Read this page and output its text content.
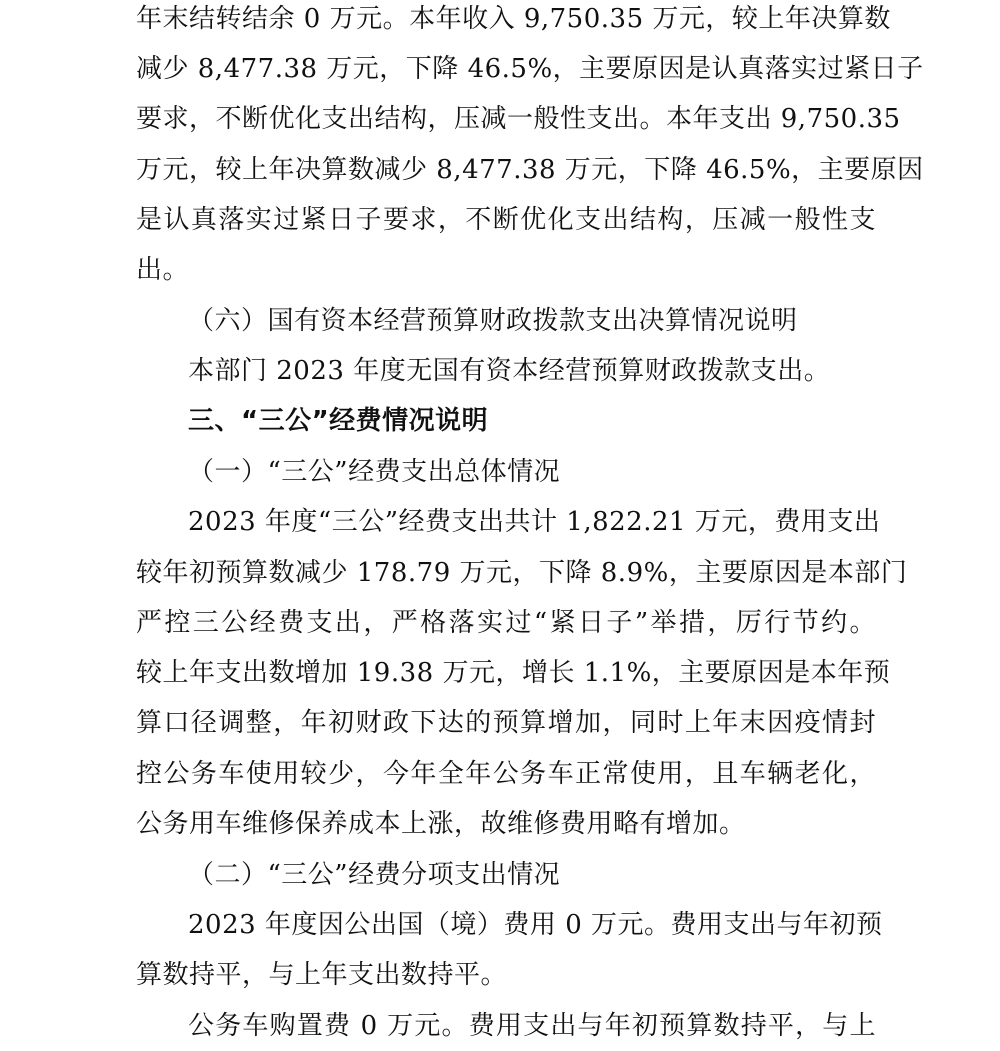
年末结转结余 0 万元。本年收入 9,750.35 万元，较上年决算数
减少 8,477.38 万元，下降 46.5%，主要原因是认真落实过紧日子
要求，不断优化支出结构，压减一般性支出。本年支出 9,750.35
万元，较上年决算数减少 8,477.38 万元，下降 46.5%，主要原因
是认真落实过紧日子要求，不断优化支出结构，压减一般性支
出。
（六）国有资本经营预算财政拨款支出决算情况说明
本部门 2023 年度无国有资本经营预算财政拨款支出。
三、“三公”经费情况说明
（一）“三公”经费支出总体情况
2023 年度“三公”经费支出共计 1,822.21 万元，费用支出
较年初预算数减少 178.79 万元，下降 8.9%，主要原因是本部门
严控三公经费支出，严格落实过“紧日子”举措，厉行节约。
较上年支出数增加 19.38 万元，增长 1.1%，主要原因是本年预
算口径调整，年初财政下达的预算增加，同时上年末因疫情封
控公务车使用较少，今年全年公务车正常使用，且车辆老化，
公务用车维修保养成本上涨，故维修费用略有增加。
（二）“三公”经费分项支出情况
2023 年度因公出国（境）费用 0 万元。费用支出与年初预
算数持平，与上年支出数持平。
公务车购置费 0 万元。费用支出与年初预算数持平，与上
